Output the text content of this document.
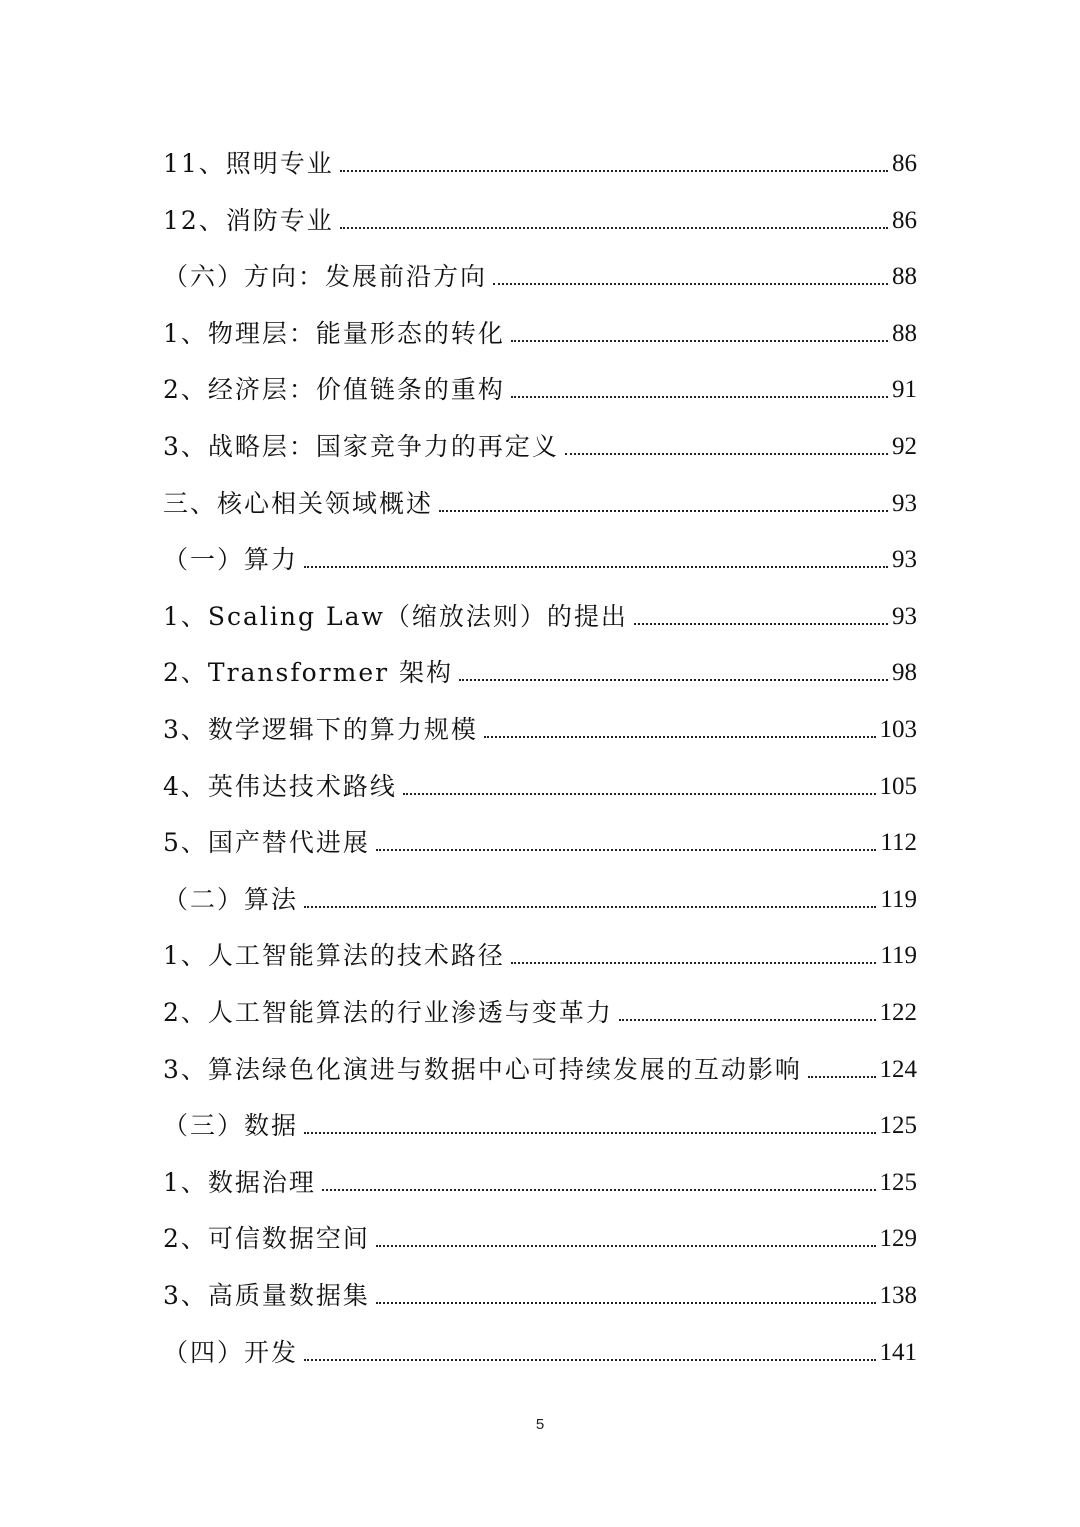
11、照明专业	86
12、消防专业	86
（六）方向：发展前沿方向	88
1、物理层：能量形态的转化	88
2、经济层：价值链条的重构	91
3、战略层：国家竞争力的再定义	92
三、核心相关领域概述	93
（一）算力	93
1、Scaling Law（缩放法则）的提出	93
2、Transformer 架构	98
3、数学逻辑下的算力规模	103
4、英伟达技术路线	105
5、国产替代进展	112
（二）算法	119
1、人工智能算法的技术路径	119
2、人工智能算法的行业渗透与变革力	122
3、算法绿色化演进与数据中心可持续发展的互动影响	124
（三）数据	125
1、数据治理	125
2、可信数据空间	129
3、高质量数据集	138
（四）开发	141
5
